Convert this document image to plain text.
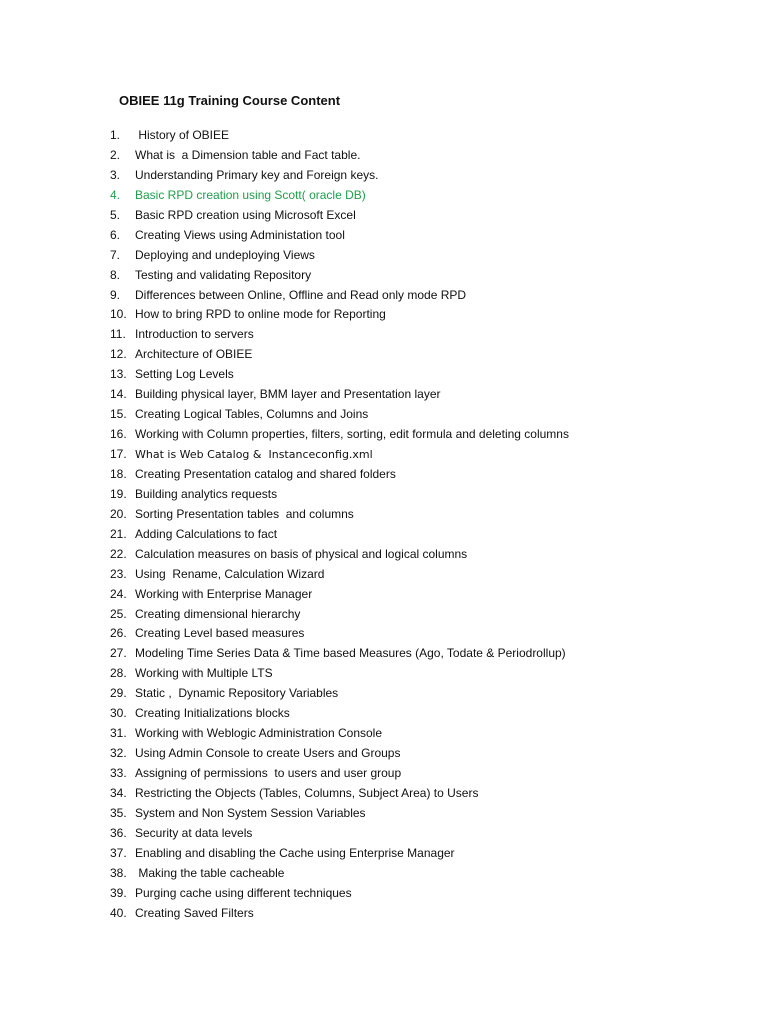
OBIEE 11g Training Course Content
1. History of OBIEE
2. What is  a Dimension table and Fact table.
3. Understanding Primary key and Foreign keys.
4. Basic RPD creation using Scott( oracle DB)
5. Basic RPD creation using Microsoft Excel
6. Creating Views using Administation tool
7. Deploying and undeploying Views
8. Testing and validating Repository
9. Differences between Online, Offline and Read only mode RPD
10. How to bring RPD to online mode for Reporting
11. Introduction to servers
12. Architecture of OBIEE
13. Setting Log Levels
14. Building physical layer, BMM layer and Presentation layer
15. Creating Logical Tables, Columns and Joins
16. Working with Column properties, filters, sorting, edit formula and deleting columns
17. What is Web Catalog &  Instanceconfig.xml
18. Creating Presentation catalog and shared folders
19. Building analytics requests
20. Sorting Presentation tables  and columns
21. Adding Calculations to fact
22. Calculation measures on basis of physical and logical columns
23. Using  Rename, Calculation Wizard
24. Working with Enterprise Manager
25. Creating dimensional hierarchy
26. Creating Level based measures
27. Modeling Time Series Data & Time based Measures (Ago, Todate & Periodrollup)
28. Working with Multiple LTS
29. Static ,  Dynamic Repository Variables
30. Creating Initializations blocks
31. Working with Weblogic Administration Console
32. Using Admin Console to create Users and Groups
33. Assigning of permissions  to users and user group
34. Restricting the Objects (Tables, Columns, Subject Area) to Users
35. System and Non System Session Variables
36. Security at data levels
37. Enabling and disabling the Cache using Enterprise Manager
38. Making the table cacheable
39. Purging cache using different techniques
40. Creating Saved Filters
